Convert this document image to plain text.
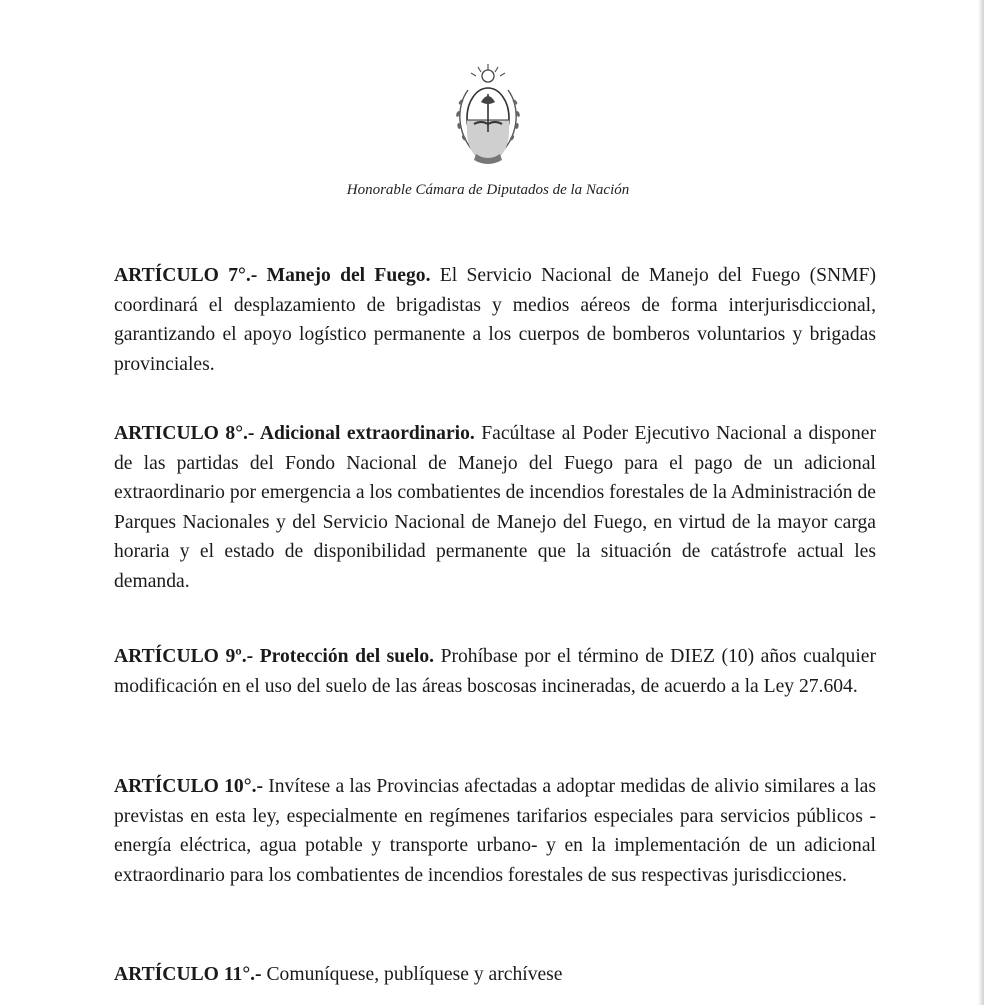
Honorable Cámara de Diputados de la Nación

ARTÍCULO 7°.- Manejo del Fuego. El Servicio Nacional de Manejo del Fuego (SNMF) coordinará el desplazamiento de brigadistas y medios aéreos de forma interjurisdiccional, garantizando el apoyo logístico permanente a los cuerpos de bomberos voluntarios y brigadas provinciales.

ARTICULO 8°.- Adicional extraordinario. Facúltase al Poder Ejecutivo Nacional a disponer de las partidas del Fondo Nacional de Manejo del Fuego para el pago de un adicional extraordinario por emergencia a los combatientes de incendios forestales de la Administración de Parques Nacionales y del Servicio Nacional de Manejo del Fuego, en virtud de la mayor carga horaria y el estado de disponibilidad permanente que la situación de catástrofe actual les demanda.

ARTÍCULO 9º.- Protección del suelo. Prohíbase por el término de DIEZ (10) años cualquier modificación en el uso del suelo de las áreas boscosas incineradas, de acuerdo a la Ley 27.604.

ARTÍCULO 10°.- Invítese a las Provincias afectadas a adoptar medidas de alivio similares a las previstas en esta ley, especialmente en regímenes tarifarios especiales para servicios públicos -energía eléctrica, agua potable y transporte urbano- y en la implementación de un adicional extraordinario para los combatientes de incendios forestales de sus respectivas jurisdicciones.

ARTÍCULO 11°.- Comuníquese, publíquese y archívese
